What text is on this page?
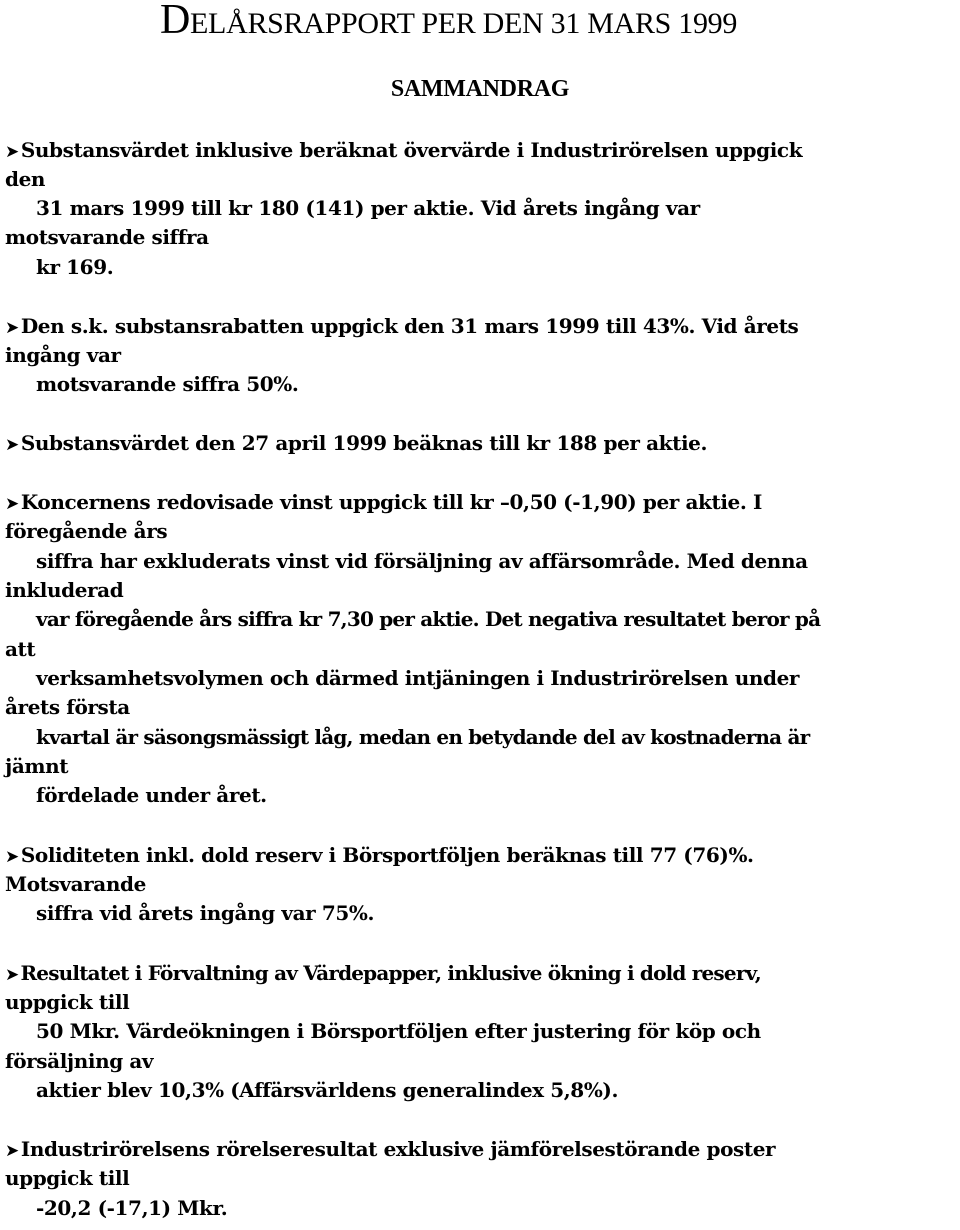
DELÅRSRAPPORT PER DEN 31 MARS 1999
SAMMANDRAG

➤ Substansvärdet inklusive beräknat övervärde i Industrirörelsen uppgick

den

31 mars 1999 till kr 180 (141) per aktie. Vid årets ingång var

motsvarande siffra

kr 169.

➤ Den s.k. substansrabatten uppgick den 31 mars 1999 till 43%. Vid årets

ingång var

motsvarande siffra 50%.

➤ Substansvärdet den 27 april 1999 beäknas till kr 188 per aktie.

➤ Koncernens redovisade vinst uppgick till kr –0,50 (-1,90) per aktie. I

föregående års

siffra har exkluderats vinst vid försäljning av affärsområde. Med denna

inkluderad

var föregående års siffra kr 7,30 per aktie. Det negativa resultatet beror på

att

verksamhetsvolymen och därmed intjäningen i Industrirörelsen under

årets första

kvartal är säsongsmässigt låg, medan en betydande del av kostnaderna är

jämnt

fördelade under året.

➤ Soliditeten inkl. dold reserv i Börsportföljen beräknas till 77 (76)%.

Motsvarande

siffra vid årets ingång var 75%.

➤ Resultatet i Förvaltning av Värdepapper, inklusive ökning i dold reserv,

uppgick till

50 Mkr. Värdeökningen i Börsportföljen efter justering för köp och

försäljning av

aktier blev 10,3% (Affärsvärldens generalindex 5,8%).

➤ Industrirörelsens rörelseresultat exklusive jämförelsestörande poster

uppgick till

-20,2 (-17,1) Mkr.
